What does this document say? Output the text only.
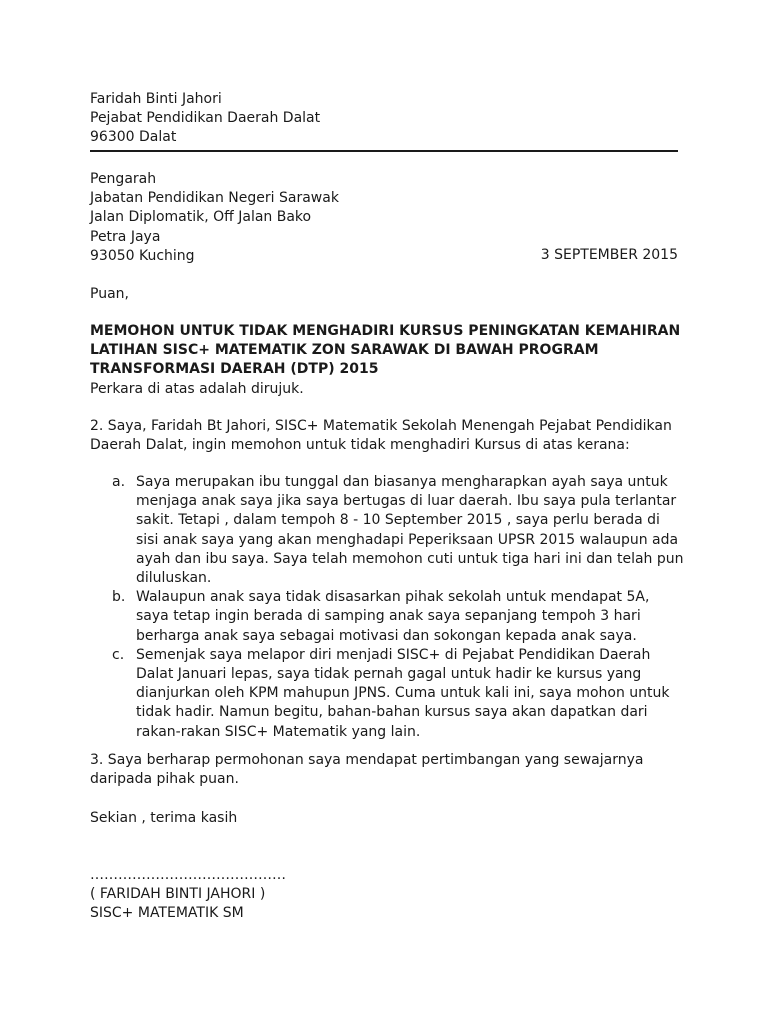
Faridah Binti Jahori
Pejabat Pendidikan Daerah Dalat
96300 Dalat
Pengarah
Jabatan Pendidikan Negeri Sarawak
Jalan Diplomatik, Off Jalan Bako
Petra Jaya
93050 Kuching	3 SEPTEMBER 2015
Puan,
MEMOHON UNTUK TIDAK MENGHADIRI KURSUS PENINGKATAN KEMAHIRAN
LATIHAN SISC+ MATEMATIK ZON SARAWAK DI BAWAH PROGRAM
TRANSFORMASI DAERAH (DTP) 2015
Perkara di atas adalah dirujuk.
2. Saya, Faridah Bt Jahori, SISC+ Matematik Sekolah Menengah Pejabat Pendidikan
Daerah Dalat, ingin memohon untuk tidak menghadiri Kursus di atas kerana:
a. Saya merupakan ibu tunggal dan biasanya mengharapkan ayah saya untuk
menjaga anak saya jika saya bertugas di luar daerah. Ibu saya pula terlantar
sakit. Tetapi , dalam tempoh 8 - 10 September 2015 , saya perlu berada di
sisi anak saya yang akan menghadapi Peperiksaan UPSR 2015 walaupun ada
ayah dan ibu saya. Saya telah memohon cuti untuk tiga hari ini dan telah pun
diluluskan.
b. Walaupun anak saya tidak disasarkan pihak sekolah untuk mendapat 5A,
saya tetap ingin berada di samping anak saya sepanjang tempoh 3 hari
berharga anak saya sebagai motivasi dan sokongan kepada anak saya.
c. Semenjak saya melapor diri menjadi SISC+ di Pejabat Pendidikan Daerah
Dalat Januari lepas, saya tidak pernah gagal untuk hadir ke kursus yang
dianjurkan oleh KPM mahupun JPNS. Cuma untuk kali ini, saya mohon untuk
tidak hadir. Namun begitu, bahan-bahan kursus saya akan dapatkan dari
rakan-rakan SISC+ Matematik yang lain.
3. Saya berharap permohonan saya mendapat pertimbangan yang sewajarnya
daripada pihak puan.
Sekian , terima kasih
……………………………………
( FARIDAH BINTI JAHORI )
SISC+ MATEMATIK SM
